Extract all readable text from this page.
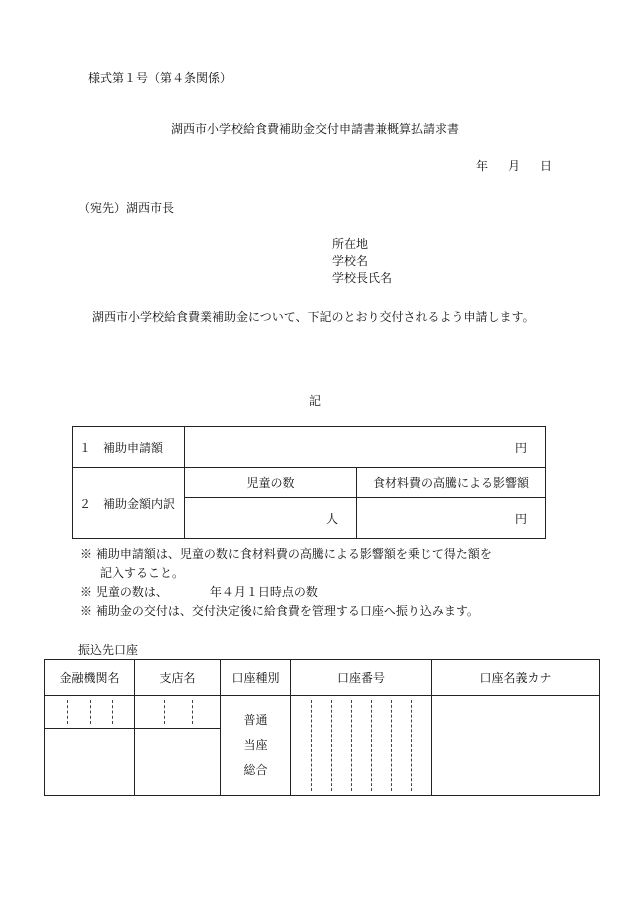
様式第１号（第４条関係）
湖西市小学校給食費補助金交付申請書兼概算払請求書
年 月 日
（宛先）湖西市長
所在地
学校名
学校長氏名
湖西市小学校給食費業補助金について、下記のとおり交付されるよう申請します。
記
１　補助申請額	円	
２　補助金額内訳	児童の数	食材料費の高騰による影響額
	人	円
※ 補助申請額は、児童の数に食材料費の高騰による影響額を乗じて得た額を
記入すること。
※ 児童の数は、	年４月１日時点の数
※ 補助金の交付は、交付決定後に給食費を管理する口座へ振り込みます。
振込先口座
金融機関名	支店名	口座種別	口座番号	口座名義カナ

		普通
当座
総合		
